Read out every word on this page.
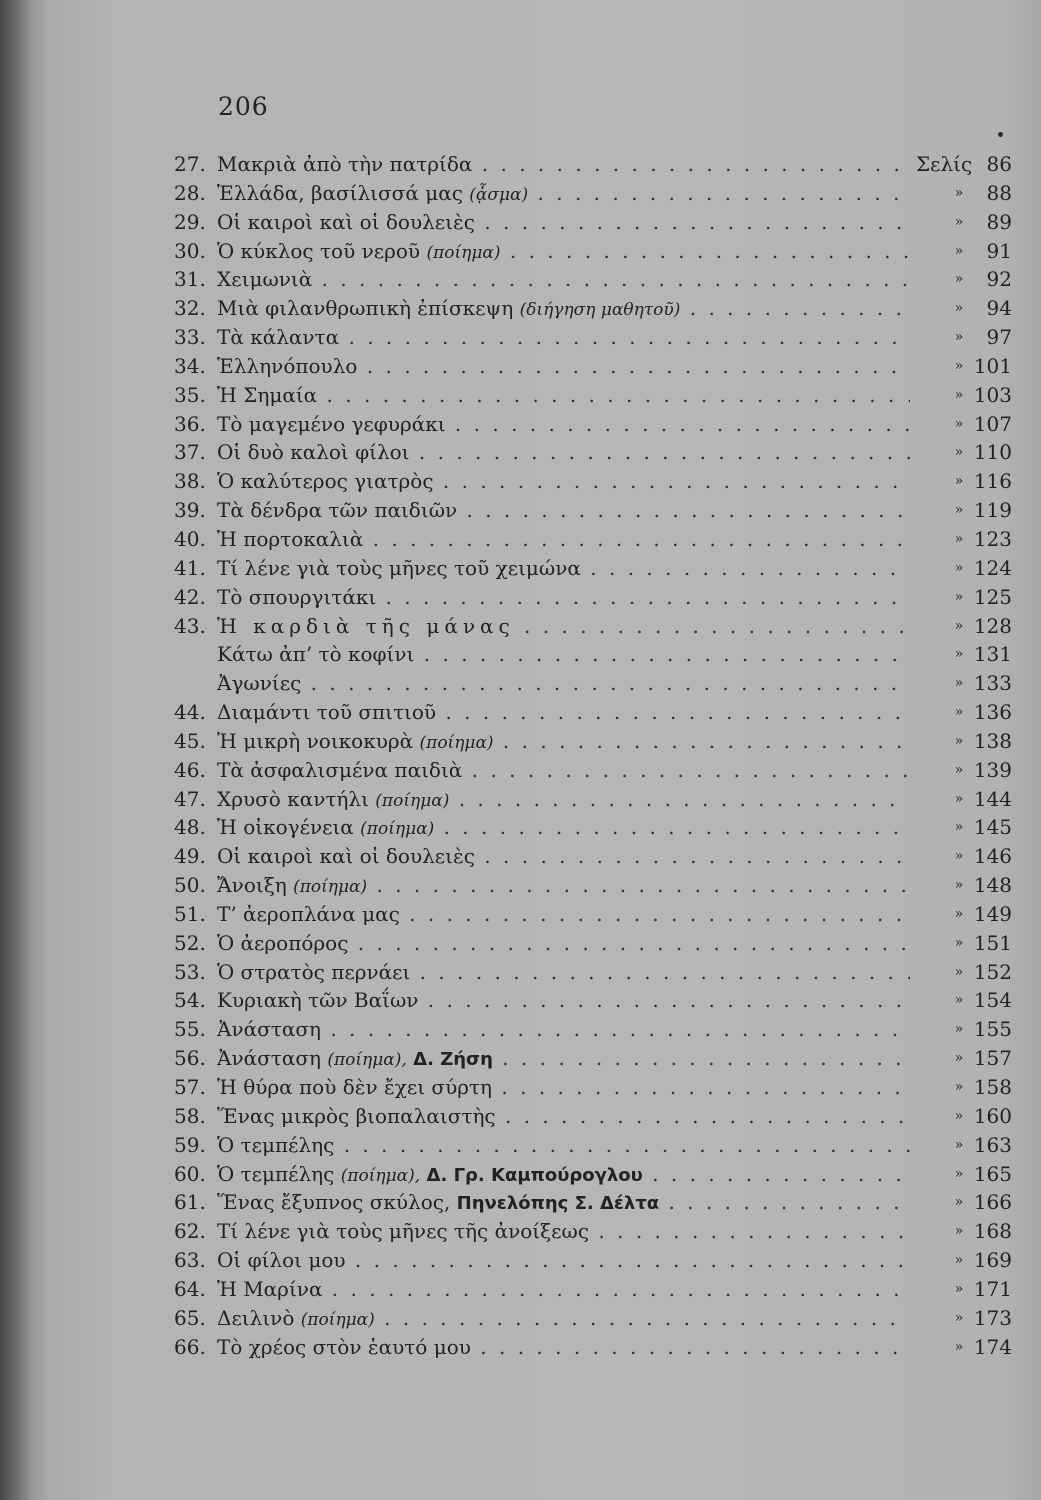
206
27. Μακριὰ ἀπὸ τὴν πατρίδα . . .	Σελίς 86
28. Ἑλλάδα, βασίλισσά μας (ᾆσμα) . . .	»	88
29. Οἱ καιροὶ καὶ οἱ δουλειὲς . . .	»	89
30. Ὁ κύκλος τοῦ νεροῦ (ποίημα) . . .	»	91
31. Χειμωνιὰ . . .	»	92
32. Μιὰ φιλανθρωπικὴ ἐπίσκεψη (διήγηση μαθητοῦ) . . .	»	94
33. Τὰ κάλαντα . . .	»	97
34. Ἑλληνόπουλο . . .	» 101
35. Ἡ Σημαία . . .	» 103
36. Τὸ μαγεμένο γεφυράκι . . .	» 107
37. Οἱ δυὸ καλοὶ φίλοι . . .	» 110
38. Ὁ καλύτερος γιατρὸς . . .	» 116
39. Τὰ δένδρα τῶν παιδιῶν . . .	» 119
40. Ἡ πορτοκαλιὰ . . .	» 123
41. Τί λένε γιὰ τοὺς μῆνες τοῦ χειμώνα . . .	» 124
42. Τὸ σπουργιτάκι . . .	» 125
43. Ἡ καρδιὰ τῆς μάνας . . .	» 128
Κάτω ἀπ’ τὸ κοφίνι . . .	» 131
Ἀγωνίες . . .	» 133
44. Διαμάντι τοῦ σπιτιοῦ . . .	» 136
45. Ἡ μικρὴ νοικοκυρὰ (ποίημα) . . .	» 138
46. Τὰ ἀσφαλισμένα παιδιὰ . . .	» 139
47. Χρυσὸ καντήλι (ποίημα) . . .	» 144
48. Ἡ οἰκογένεια (ποίημα) . . .	» 145
49. Οἱ καιροὶ καὶ οἱ δουλειὲς . . .	» 146
50. Ἄνοιξη (ποίημα) . . .	» 148
51. Τ’ ἀεροπλάνα μας . . .	» 149
52. Ὁ ἀεροπόρος . . .	» 151
53. Ὁ στρατὸς περνάει . . .	» 152
54. Κυριακὴ τῶν Βαΐων . . .	» 154
55. Ἀνάσταση . . .	» 155
56. Ἀνάσταση (ποίημα), Δ. Ζήση . . .	» 157
57. Ἡ θύρα ποὺ δὲν ἔχει σύρτη . . .	» 158
58. Ἕνας μικρὸς βιοπαλαιστὴς . . .	» 160
59. Ὁ τεμπέλης . . .	» 163
60. Ὁ τεμπέλης (ποίημα), Δ. Γρ. Καμπούρογλου . . .	» 165
61. Ἕνας ἔξυπνος σκύλος, Πηνελόπης Σ. Δέλτα . . .	» 166
62. Τί λένε γιὰ τοὺς μῆνες τῆς ἀνοίξεως . . .	» 168
63. Οἱ φίλοι μου . . .	» 169
64. Ἡ Μαρίνα . . .	» 171
65. Δειλινὸ (ποίημα) . . .	» 173
66. Τὸ χρέος στὸν ἑαυτό μου . . .	» 174
